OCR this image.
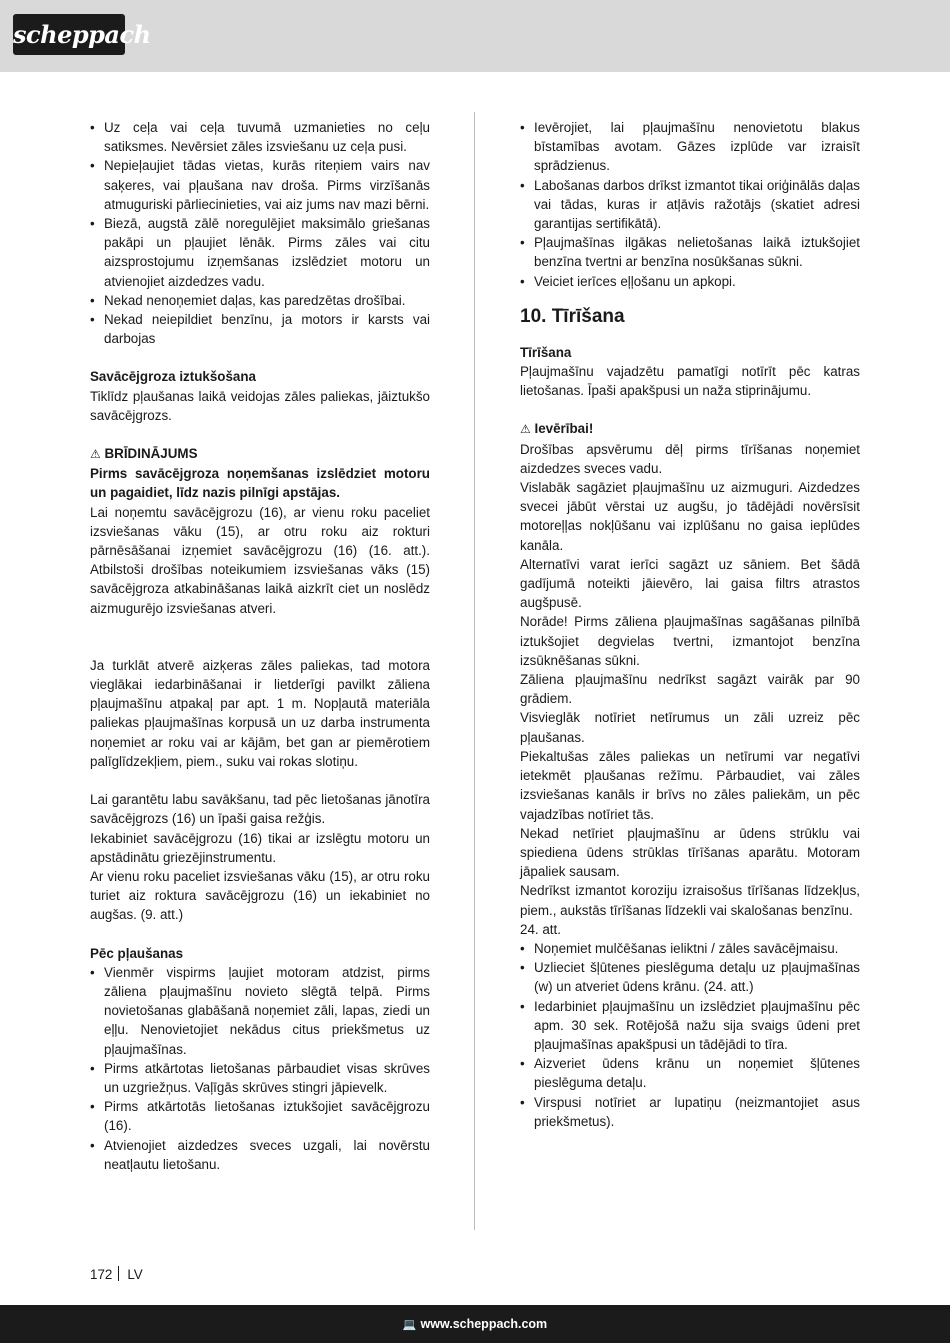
scheppach
• Uz ceļa vai ceļa tuvumā uzmanieties no ceļu satiksmes. Nevērsiet zāles izsviešanu uz ceļa pusi.
• Nepieļaujiet tādas vietas, kurās riteņiem vairs nav saķeres, vai pļaušana nav droša. Pirms virzīšanās atmuguriski pārliecinieties, vai aiz jums nav mazi bērni.
• Biezā, augstā zālē noregulējiet maksimālo griešanas pakāpi un pļaujiet lēnāk. Pirms zāles vai citu aizsprostojumu izņemšanas izslēdziet motoru un atvienojiet aizdedzes vadu.
• Nekad nenoņemiet daļas, kas paredzētas drošībai.
• Nekad neiepildiet benzīnu, ja motors ir karsts vai darbojas

Savācējgroza iztukšošana

Tiklīdz pļaušanas laikā veidojas zāles paliekas, jāiztukšo savācējgrozs.

⚠ BRĪDINĀJUMS

Pirms savācējgroza noņemšanas izslēdziet motoru un pagaidiet, līdz nazis pilnīgi apstājas.

Lai noņemtu savācējgrozu (16), ar vienu roku paceliet izsviešanas vāku (15), ar otru roku aiz rokturi pārnēsāšanai izņemiet savācējgrozu (16) (16. att.). Atbilstoši drošības noteikumiem izsviešanas vāks (15) savācējgroza atkabināšanas laikā aizkrīt ciet un noslēdz aizmugurējo izsviešanas atveri.

Ja turklāt atverē aizķeras zāles paliekas, tad motora vieglākai iedarbināšanai ir lietderīgi pavilkt zāliena pļaujmašīnu atpakaļ par apt. 1 m. Nopļautā materiāla paliekas pļaujmašīnas korpusā un uz darba instrumenta noņemiet ar roku vai ar kājām, bet gan ar piemērotiem palīglīdzekļiem, piem., suku vai rokas slotiņu.

Lai garantētu labu savākšanu, tad pēc lietošanas jānotīra savācējgrozs (16) un īpaši gaisa režģis.

Iekabiniet savācējgrozu (16) tikai ar izslēgtu motoru un apstādinātu griezējinstrumentu.

Ar vienu roku paceliet izsviešanas vāku (15), ar otru roku turiet aiz roktura savācējgrozu (16) un iekabiniet no augšas. (9. att.)

Pēc pļaušanas

• Vienmēr vispirms ļaujiet motoram atdzist, pirms zāliena pļaujmašīnu novieto slēgtā telpā. Pirms novietošanas glabāšanā noņemiet zāli, lapas, ziedi un eļļu. Nenovietojiet nekādus citus priekšmetus uz pļaujmašīnas.
• Pirms atkārtotas lietošanas pārbaudiet visas skrūves un uzgriežņus. Vaļīgās skrūves stingri jāpievelk.
• Pirms atkārtotās lietošanas iztukšojiet savācējgrozu (16).
• Atvienojiet aizdedzes sveces uzgali, lai novērstu neatļautu lietošanu.
• Ievērojiet, lai pļaujmašīnu nenovietotu blakus bīstamības avotam. Gāzes izplūde var izraisīt sprādzienus.
• Labošanas darbos drīkst izmantot tikai oriģinālās daļas vai tādas, kuras ir atļāvis ražotājs (skatiet adresi garantijas sertifikātā).
• Pļaujmašīnas ilgākas nelietošanas laikā iztukšojiet benzīna tvertni ar benzīna nosūkšanas sūkni.
• Veiciet ierīces eļļošanu un apkopi.

10. Tīrīšana

Tīrīšana

Pļaujmašīnu vajadzētu pamatīgi notīrīt pēc katras lietošanas. Īpaši apakšpusi un naža stiprinājumu.

⚠ Ievērībai!

Drošības apsvērumu dēļ pirms tīrīšanas noņemiet aizdedzes sveces vadu.

Vislabāk sagāziet pļaujmašīnu uz aizmuguri. Aizdedzes svecei jābūt vērstai uz augšu, jo tādējādi novērsīsit motoreļļas nokļūšanu vai izplūšanu no gaisa ieplūdes kanāla.

Alternatīvi varat ierīci sagāzt uz sāniem. Bet šādā gadījumā noteikti jāievēro, lai gaisa filtrs atrastos augšpusē.

Norāde! Pirms zāliena pļaujmašīnas sagāšanas pilnībā iztukšojiet degvielas tvertni, izmantojot benzīna izsūknēšanas sūkni.

Zāliena pļaujmašīnu nedrīkst sagāzt vairāk par 90 grādiem.

Visvieglāk notīriet netīrumus un zāli uzreiz pēc pļaušanas.

Piekaltušas zāles paliekas un netīrumi var negatīvi ietekmēt pļaušanas režīmu. Pārbaudiet, vai zāles izsviešanas kanāls ir brīvs no zāles paliekām, un pēc vajadzības notīriet tās.

Nekad netīriet pļaujmašīnu ar ūdens strūklu vai spiediena ūdens strūklas tīrīšanas aparātu. Motoram jāpaliek sausam.

Nedrīkst izmantot koroziju izraisošus tīrīšanas līdzekļus, piem., aukstās tīrīšanas līdzekli vai skalošanas benzīnu.

24. att.

• Noņemiet mulčēšanas ieliktni / zāles savācējmaisu.
• Uzlieciet šļūtenes pieslēguma detaļu uz pļaujmašīnas (w) un atveriet ūdens krānu. (24. att.)
• Iedarbiniet pļaujmašīnu un izslēdziet pļaujmašīnu pēc apm. 30 sek. Rotējošā nažu sija svaigs ūdeni pret pļaujmašīnas apakšpusi un tādējādi to tīra.
• Aizveriet ūdens krānu un noņemiet šļūtenes pieslēguma detaļu.
• Virspusi notīriet ar lupatiņu (neizmantojiet asus priekšmetus).
172 LV
💻 www.scheppach.com
